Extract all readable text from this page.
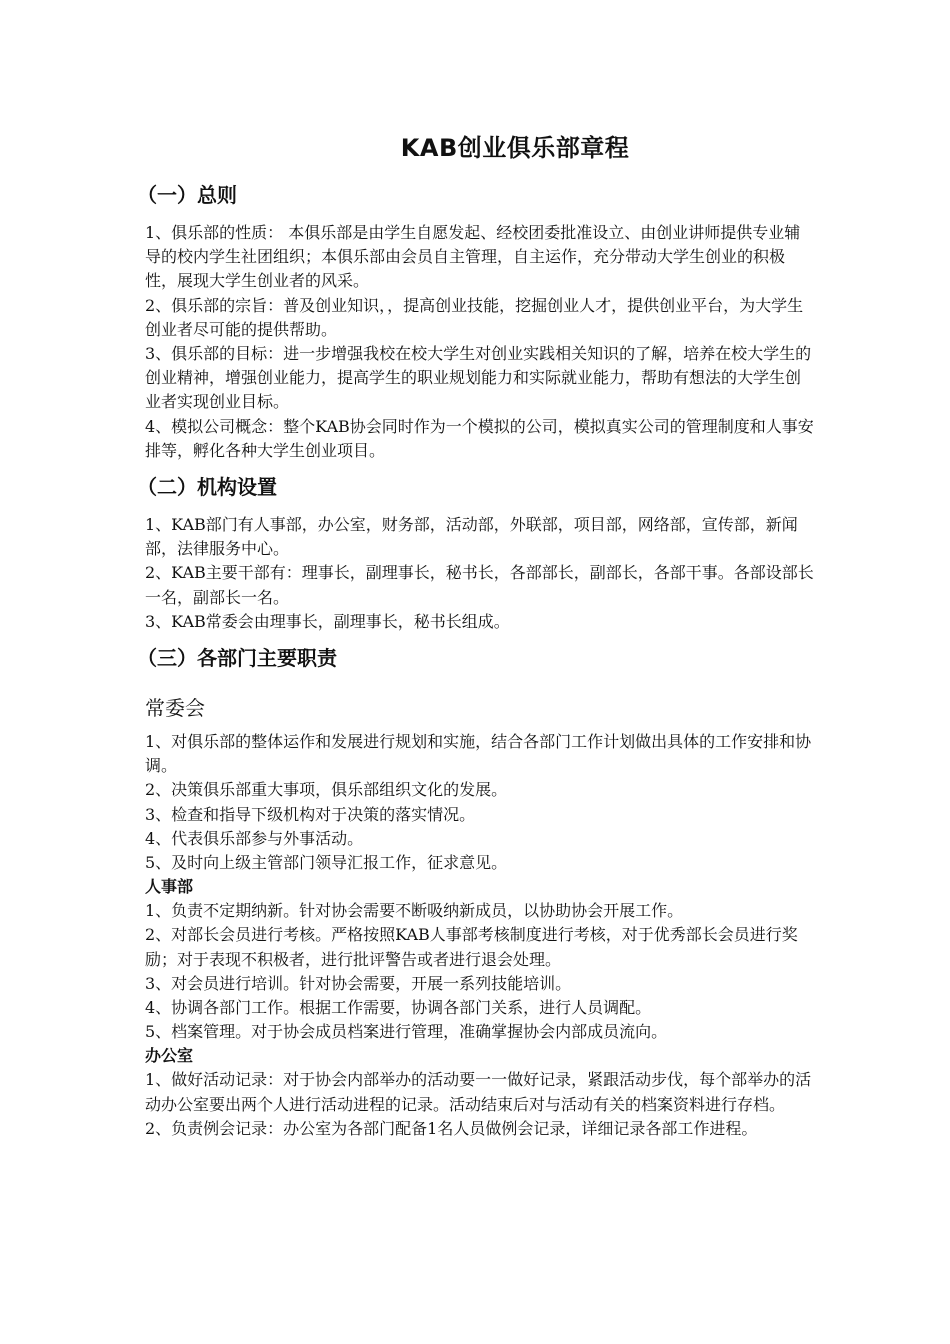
KAB创业俱乐部章程
（一）总则

1、俱乐部的性质： 本俱乐部是由学生自愿发起、经校团委批准设立、由创业讲师提供专业辅导的校内学生社团组织；本俱乐部由会员自主管理，自主运作，充分带动大学生创业的积极性，展现大学生创业者的风采。

2、俱乐部的宗旨：普及创业知识，，提高创业技能，挖掘创业人才，提供创业平台，为大学生创业者尽可能的提供帮助。

3、俱乐部的目标：进一步增强我校在校大学生对创业实践相关知识的了解，培养在校大学生的创业精神，增强创业能力，提高学生的职业规划能力和实际就业能力，帮助有想法的大学生创业者实现创业目标。

4、模拟公司概念：整个KAB协会同时作为一个模拟的公司，模拟真实公司的管理制度和人事安排等，孵化各种大学生创业项目。

（二）机构设置

1、KAB部门有人事部，办公室，财务部，活动部，外联部，项目部，网络部，宣传部，新闻部，法律服务中心。

2、KAB主要干部有：理事长，副理事长，秘书长，各部部长，副部长，各部干事。各部设部长一名，副部长一名。

3、KAB常委会由理事长，副理事长，秘书长组成。

（三）各部门主要职责
常委会

1、对俱乐部的整体运作和发展进行规划和实施，结合各部门工作计划做出具体的工作安排和协调。

2、决策俱乐部重大事项，俱乐部组织文化的发展。

3、检查和指导下级机构对于决策的落实情况。

4、代表俱乐部参与外事活动。

5、及时向上级主管部门领导汇报工作，征求意见。

人事部

1、负责不定期纳新。针对协会需要不断吸纳新成员，以协助协会开展工作。

2、对部长会员进行考核。严格按照KAB人事部考核制度进行考核，对于优秀部长会员进行奖励；对于表现不积极者，进行批评警告或者进行退会处理。

3、对会员进行培训。针对协会需要，开展一系列技能培训。

4、协调各部门工作。根据工作需要，协调各部门关系，进行人员调配。

5、档案管理。对于协会成员档案进行管理，准确掌握协会内部成员流向。

办公室

1、做好活动记录：对于协会内部举办的活动要一一做好记录，紧跟活动步伐，每个部举办的活动办公室要出两个人进行活动进程的记录。活动结束后对与活动有关的档案资料进行存档。

2、负责例会记录：办公室为各部门配备1名人员做例会记录，详细记录各部工作进程。
